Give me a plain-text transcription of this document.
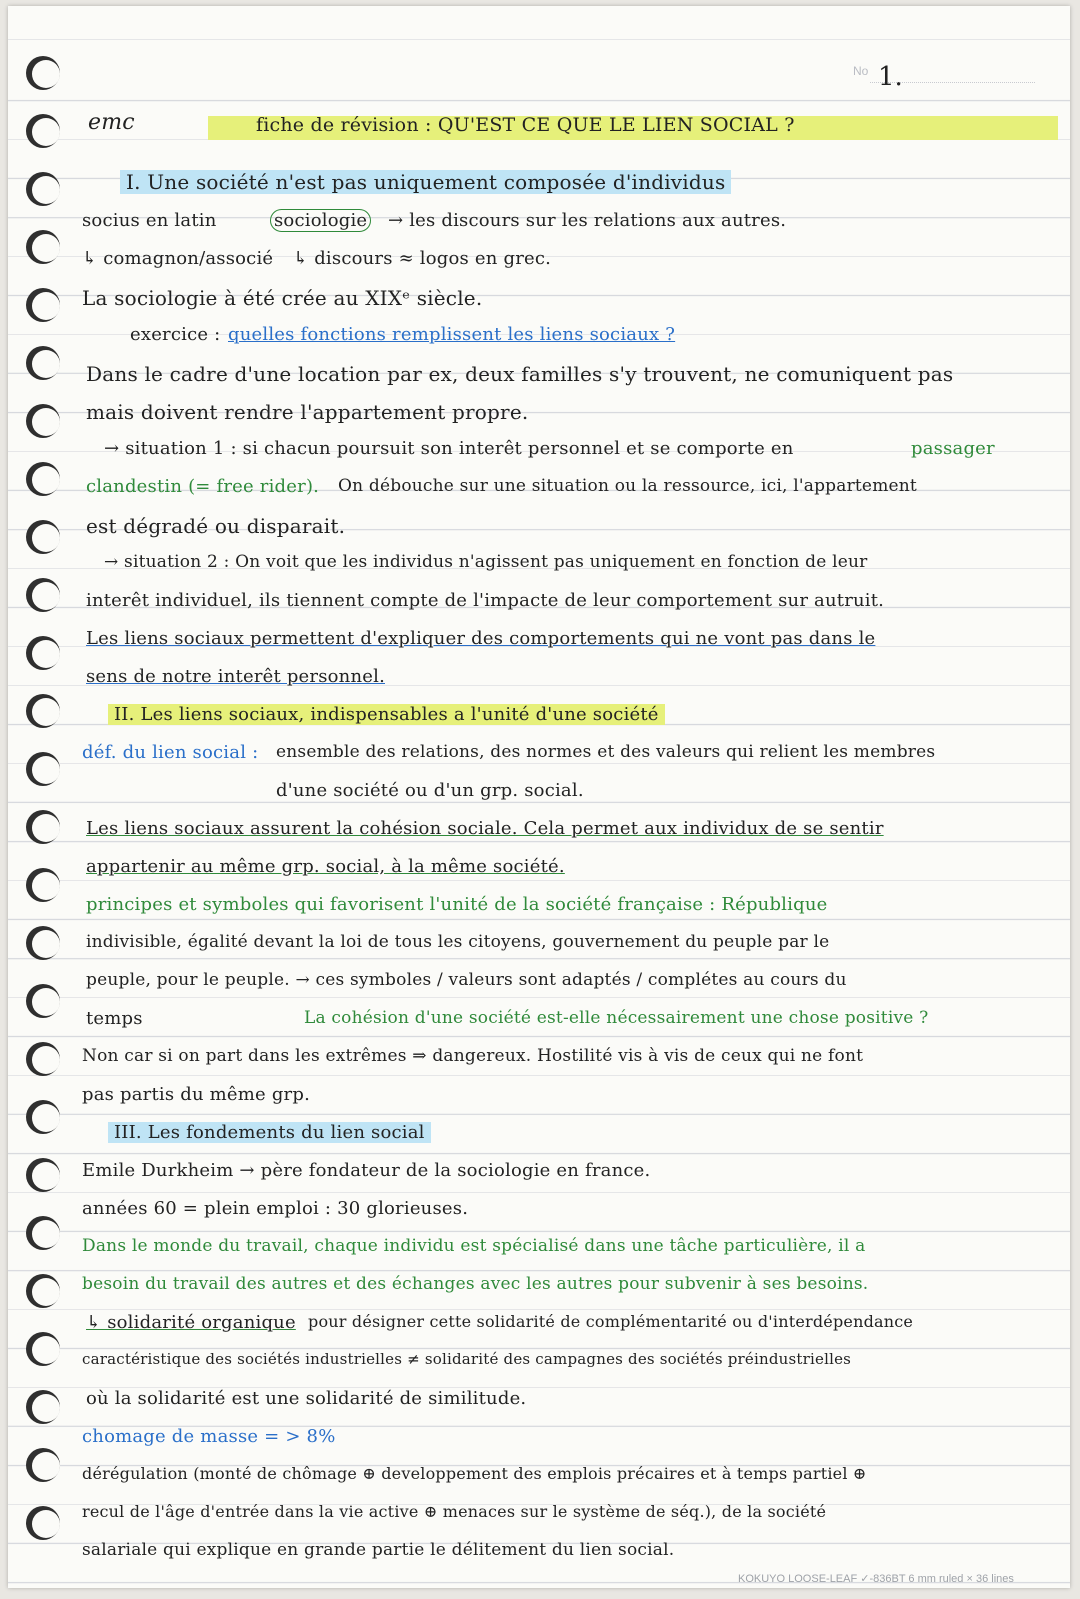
No 1.
emc	fiche de révision : QU'EST CE QUE LE LIEN SOCIAL ?
I. Une société n'est pas uniquement composée d'individus
socius en latin	sociologie → les discours sur les relations aux autres.
↳ comagnon/associé ↳ discours ≈ logos en grec.
La sociologie à été crée au XIXᵉ siècle.
exercice : quelles fonctions remplissent les liens sociaux ?
Dans le cadre d'une location par ex, deux familles s'y trouvent, ne comuniquent pas
mais doivent rendre l'appartement propre.
→ situation 1 : si chacun poursuit son interêt personnel et se comporte en	passager
clandestin (= free rider). On débouche sur une situation ou la ressource, ici, l'appartement
est dégradé ou disparait.
→ situation 2 : On voit que les individus n'agissent pas uniquement en fonction de leur
interêt individuel, ils tiennent compte de l'impacte de leur comportement sur autruit.
Les liens sociaux permettent d'expliquer des comportements qui ne vont pas dans le
sens de notre interêt personnel.
II. Les liens sociaux, indispensables a l'unité d'une société
déf. du lien social : ensemble des relations, des normes et des valeurs qui relient les membres
d'une société ou d'un grp. social.
Les liens sociaux assurent la cohésion sociale. Cela permet aux individux de se sentir
appartenir au même grp. social, à la même société.
principes et symboles qui favorisent l'unité de la société française : République
indivisible, égalité devant la loi de tous les citoyens, gouvernement du peuple par le
peuple, pour le peuple. → ces symboles / valeurs sont adaptés / complétes au cours du
temps	La cohésion d'une société est-elle nécessairement une chose positive ?
Non car si on part dans les extrêmes ⇒ dangereux. Hostilité vis à vis de ceux qui ne font
pas partis du même grp.
III. Les fondements du lien social
Emile Durkheim → père fondateur de la sociologie en france.
années 60 = plein emploi : 30 glorieuses.
Dans le monde du travail, chaque individu est spécialisé dans une tâche particulière, il a
besoin du travail des autres et des échanges avec les autres pour subvenir à ses besoins.
↳ solidarité organique pour désigner cette solidarité de complémentarité ou d'interdépendance
caractéristique des sociétés industrielles ≠ solidarité des campagnes des sociétés préindustrielles
où la solidarité est une solidarité de similitude.
chomage de masse = > 8%
dérégulation (monté de chômage ⊕ developpement des emplois précaires et à temps partiel ⊕
recul de l'âge d'entrée dans la vie active ⊕ menaces sur le système de séq.), de la société
salariale qui explique en grande partie le délitement du lien social.
KOKUYO LOOSE-LEAF ✓-836BT 6 mm ruled × 36 lines
